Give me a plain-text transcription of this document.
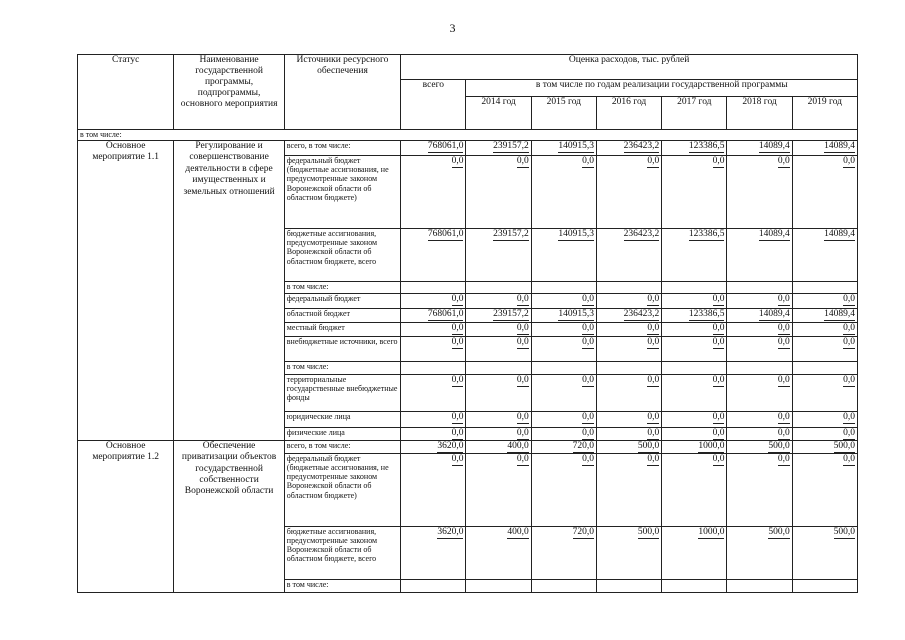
3
Статус	Наименование государственной программы, подпрограммы, основного мероприятия	Источники ресурсного обеспечения	Оценка расходов, тыс. рублей						
			всего	в том числе по годам реализации государственной программы					
				2014 год	2015 год	2016 год	2017 год	2018 год	2019 год
в том числе:									
Основное мероприятие 1.1	Регулирование и совершенствование деятельности в сфере имущественных и земельных отношений	всего, в том числе:	768061,0	239157,2	140915,3	236423,2	123386,5	14089,4	14089,4
		федеральный бюджет (бюджетные ассигнования, не предусмотренные законом Воронежской области об областном бюджете)	0,0	0,0	0,0	0,0	0,0	0,0	0,0
		бюджетные ассигнования, предусмотренные законом Воронежской области об областном бюджете, всего	768061,0	239157,2	140915,3	236423,2	123386,5	14089,4	14089,4
		в том числе:							
		федеральный бюджет	0,0	0,0	0,0	0,0	0,0	0,0	0,0
		областной бюджет	768061,0	239157,2	140915,3	236423,2	123386,5	14089,4	14089,4
		местный бюджет	0,0	0,0	0,0	0,0	0,0	0,0	0,0
		внебюджетные источники, всего	0,0	0,0	0,0	0,0	0,0	0,0	0,0
		в том числе:							
		территориальные государственные внебюджетные фонды	0,0	0,0	0,0	0,0	0,0	0,0	0,0
		юридические лица	0,0	0,0	0,0	0,0	0,0	0,0	0,0
		физические лица	0,0	0,0	0,0	0,0	0,0	0,0	0,0
Основное мероприятие 1.2	Обеспечение приватизации объектов государственной собственности Воронежской области	всего, в том числе:	3620,0	400,0	720,0	500,0	1000,0	500,0	500,0
		федеральный бюджет (бюджетные ассигнования, не предусмотренные законом Воронежской области об областном бюджете)	0,0	0,0	0,0	0,0	0,0	0,0	0,0
		бюджетные ассигнования, предусмотренные законом Воронежской области об областном бюджете, всего	3620,0	400,0	720,0	500,0	1000,0	500,0	500,0
		в том числе:							
